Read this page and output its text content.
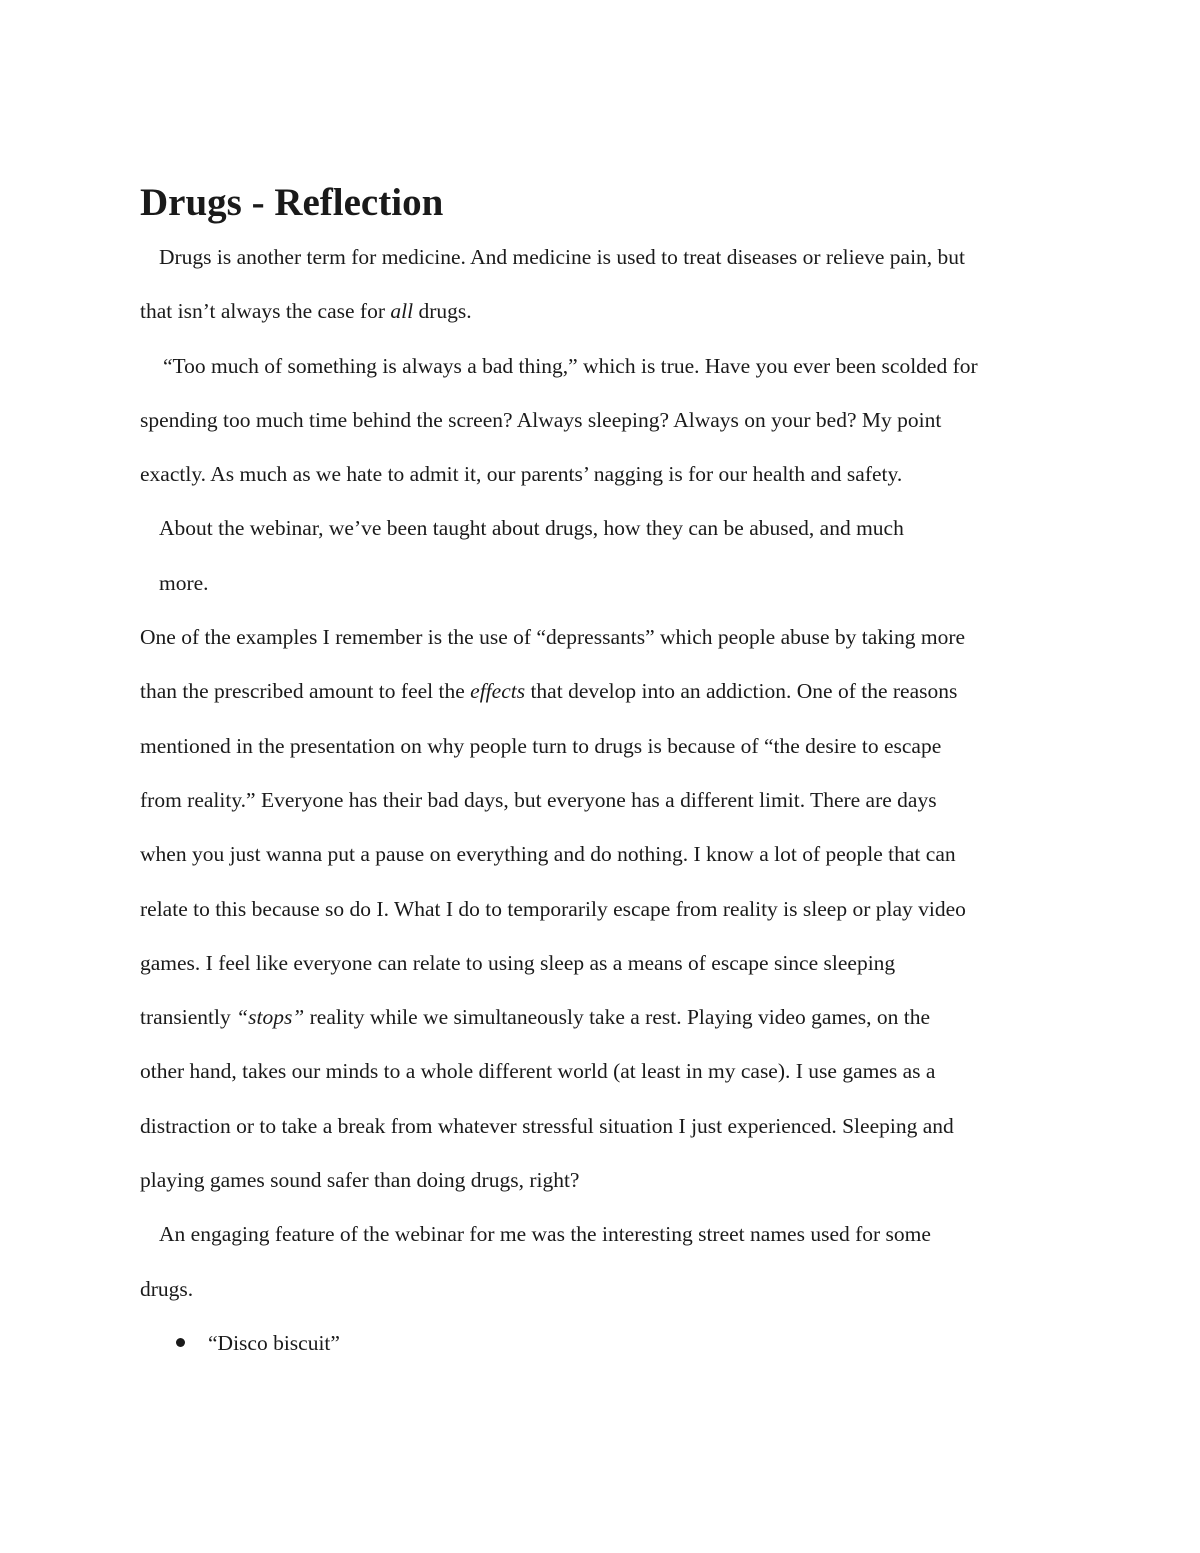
Drugs - Reflection
Drugs is another term for medicine. And medicine is used to treat diseases or relieve pain, but
that isn’t always the case for all drugs.
“Too much of something is always a bad thing,” which is true. Have you ever been scolded for
spending too much time behind the screen? Always sleeping? Always on your bed? My point
exactly. As much as we hate to admit it, our parents’ nagging is for our health and safety.
About the webinar, we’ve been taught about drugs, how they can be abused, and much
more.
One of the examples I remember is the use of “depressants” which people abuse by taking more
than the prescribed amount to feel the effects that develop into an addiction. One of the reasons
mentioned in the presentation on why people turn to drugs is because of “the desire to escape
from reality.” Everyone has their bad days, but everyone has a different limit. There are days
when you just wanna put a pause on everything and do nothing. I know a lot of people that can
relate to this because so do I. What I do to temporarily escape from reality is sleep or play video
games. I feel like everyone can relate to using sleep as a means of escape since sleeping
transiently “stops” reality while we simultaneously take a rest. Playing video games, on the
other hand, takes our minds to a whole different world (at least in my case). I use games as a
distraction or to take a break from whatever stressful situation I just experienced. Sleeping and
playing games sound safer than doing drugs, right?
An engaging feature of the webinar for me was the interesting street names used for some
drugs.
“Disco biscuit”
